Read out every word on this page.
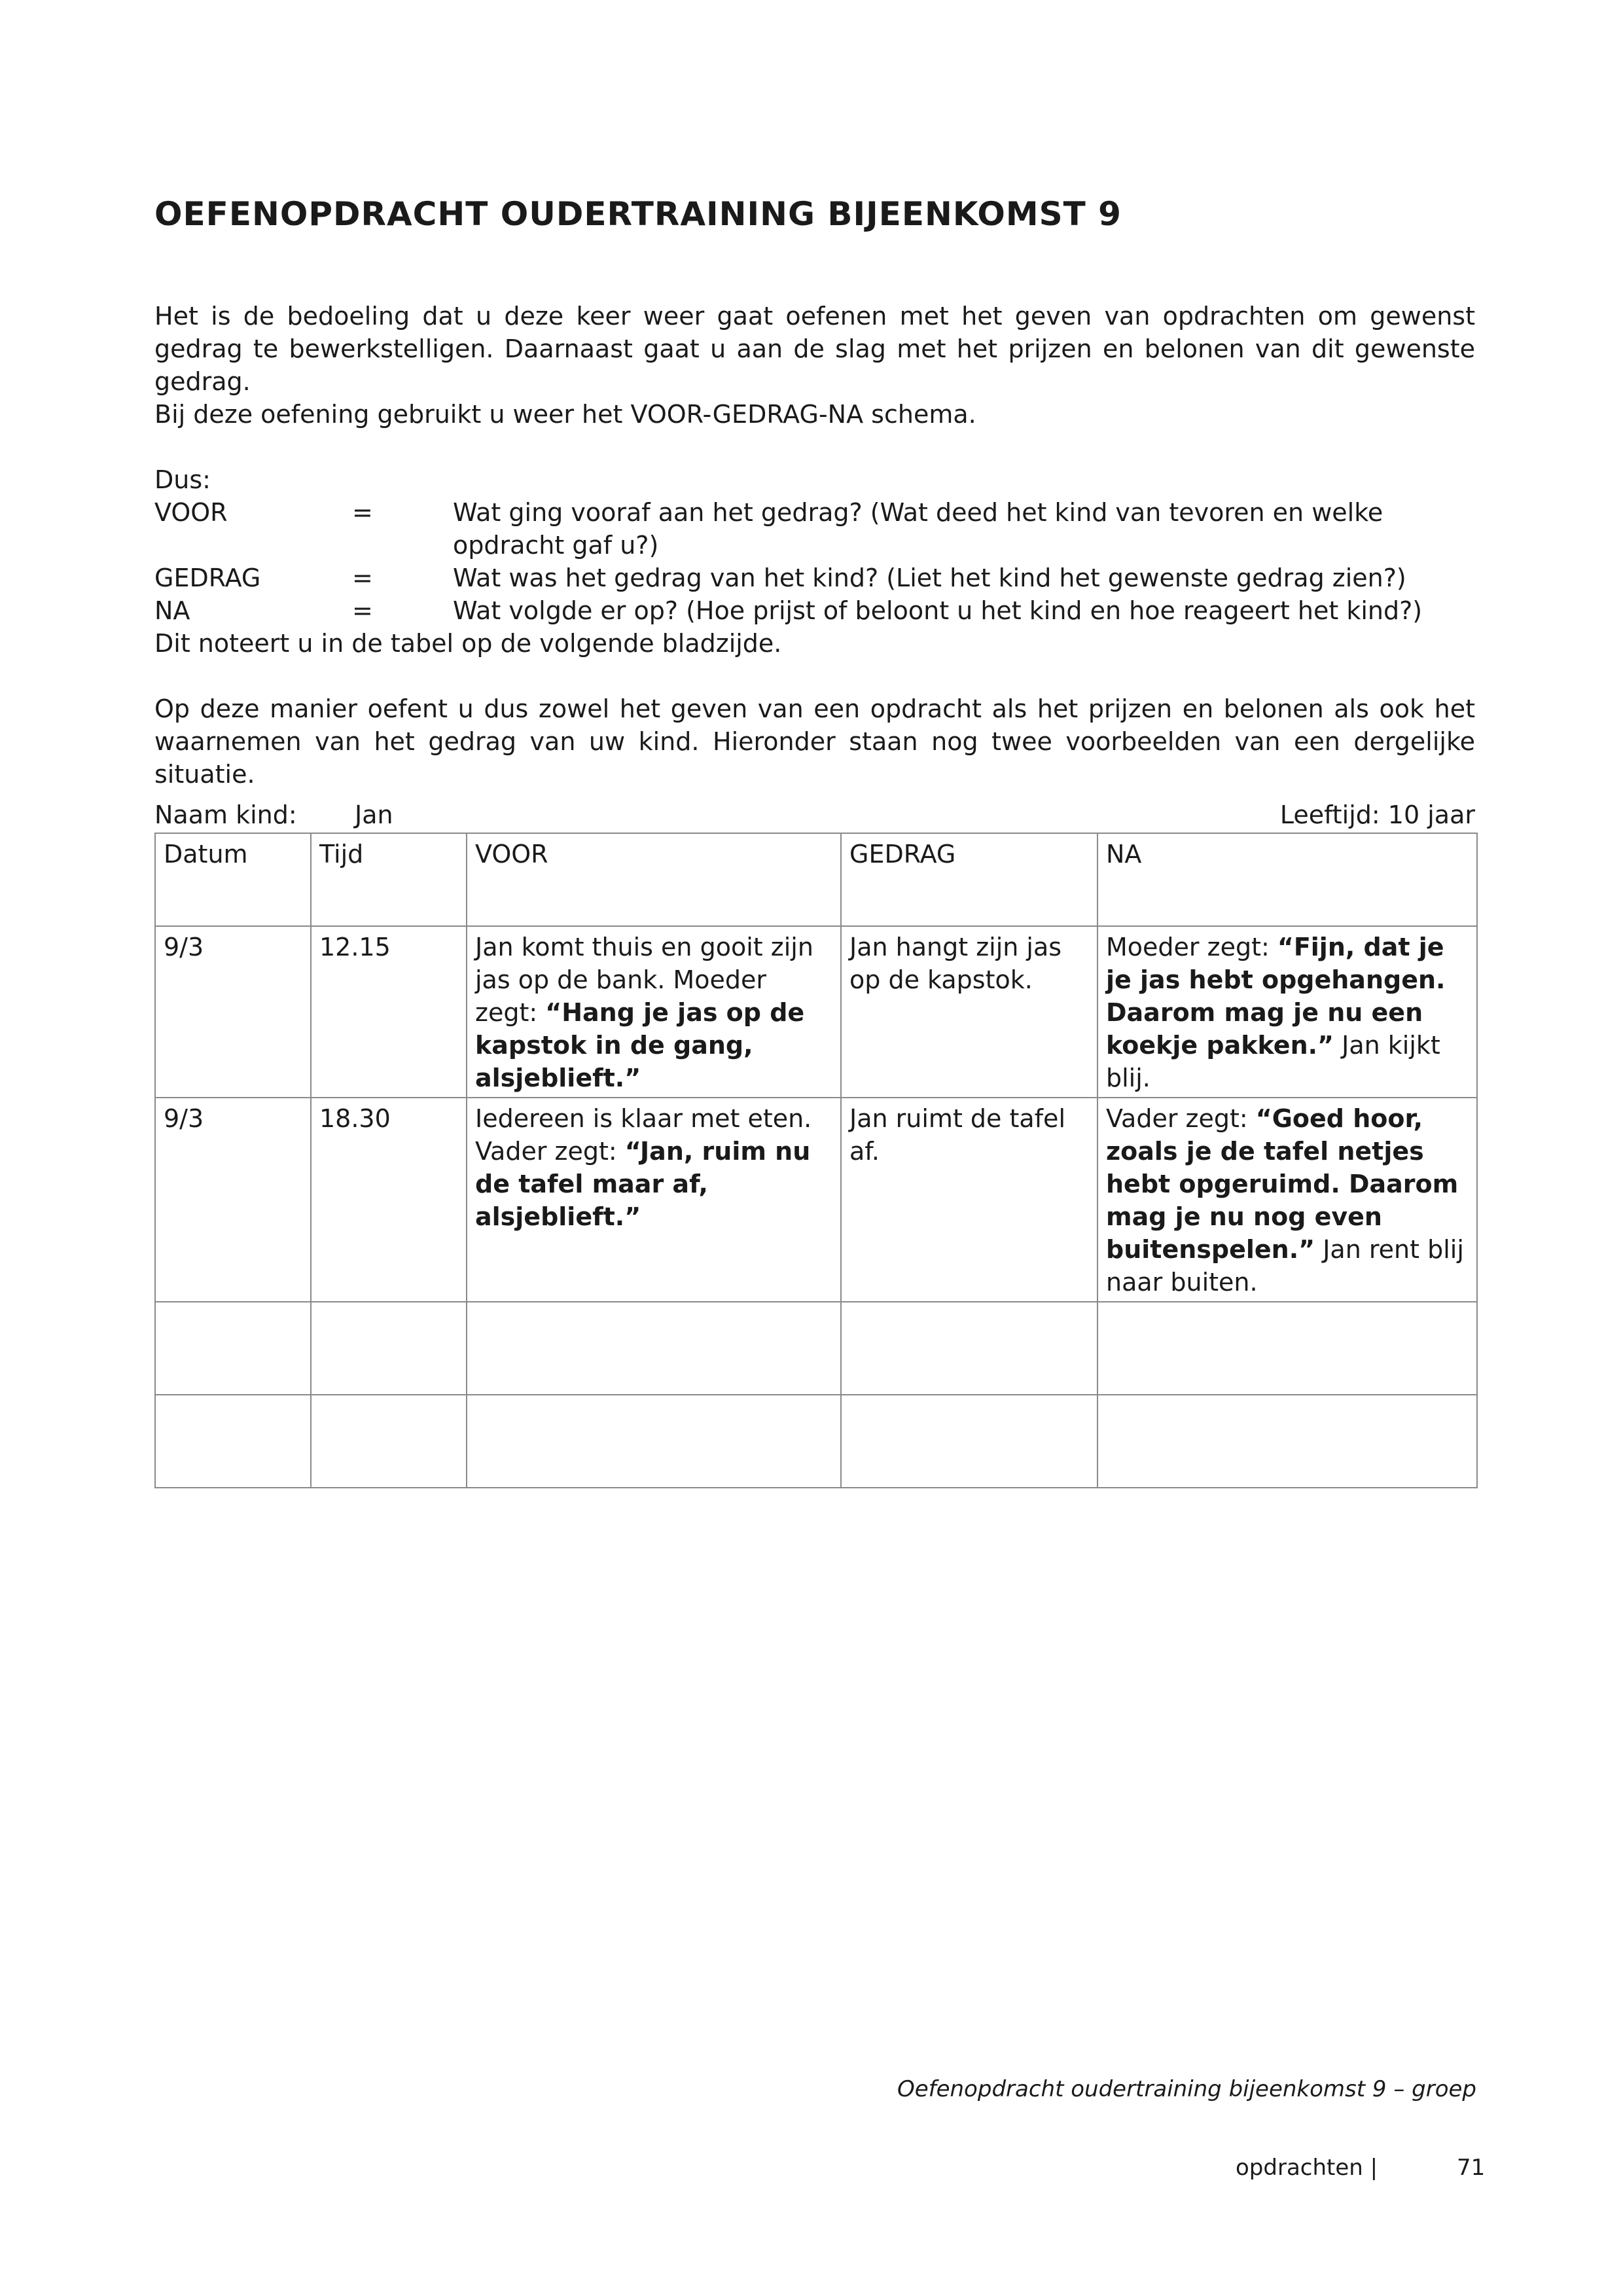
OEFENOPDRACHT OUDERTRAINING BIJEENKOMST 9

Het is de bedoeling dat u deze keer weer gaat oefenen met het geven van opdrachten om gewenst gedrag te bewerkstelligen. Daarnaast gaat u aan de slag met het prijzen en belonen van dit gewenste gedrag.

Bij deze oefening gebruikt u weer het VOOR-GEDRAG-NA schema.

Dus:

VOOR	=	Wat ging vooraf aan het gedrag? (Wat deed het kind van tevoren en welke opdracht gaf u?)
GEDRAG	=	Wat was het gedrag van het kind? (Liet het kind het gewenste gedrag zien?)
NA	=	Wat volgde er op? (Hoe prijst of beloont u het kind en hoe reageert het kind?)
Dit noteert u in de tabel op de volgende bladzijde.

Op deze manier oefent u dus zowel het geven van een opdracht als het prijzen en belonen als ook het waarnemen van het gedrag van uw kind. Hieronder staan nog twee voorbeelden van een dergelijke situatie.

Naam kind: Jan	Leeftijd: 10 jaar
Datum	Tijd	VOOR	GEDRAG	NA
9/3	12.15	Jan komt thuis en gooit zijn jas op de bank. Moeder zegt: “Hang je jas op de kapstok in de gang, alsjeblieft.”	Jan hangt zijn jas op de kapstok.	Moeder zegt: “Fijn, dat je je jas hebt opgehangen. Daarom mag je nu een koekje pakken.” Jan kijkt blij.
9/3	18.30	Iedereen is klaar met eten. Vader zegt: “Jan, ruim nu de tafel maar af, alsjeblieft.”	Jan ruimt de tafel af.	Vader zegt: “Goed hoor, zoals je de tafel netjes hebt opgeruimd. Daarom mag je nu nog even buitenspelen.” Jan rent blij naar buiten.

Oefenopdracht oudertraining bijeenkomst 9 – groep
opdrachten |	71
